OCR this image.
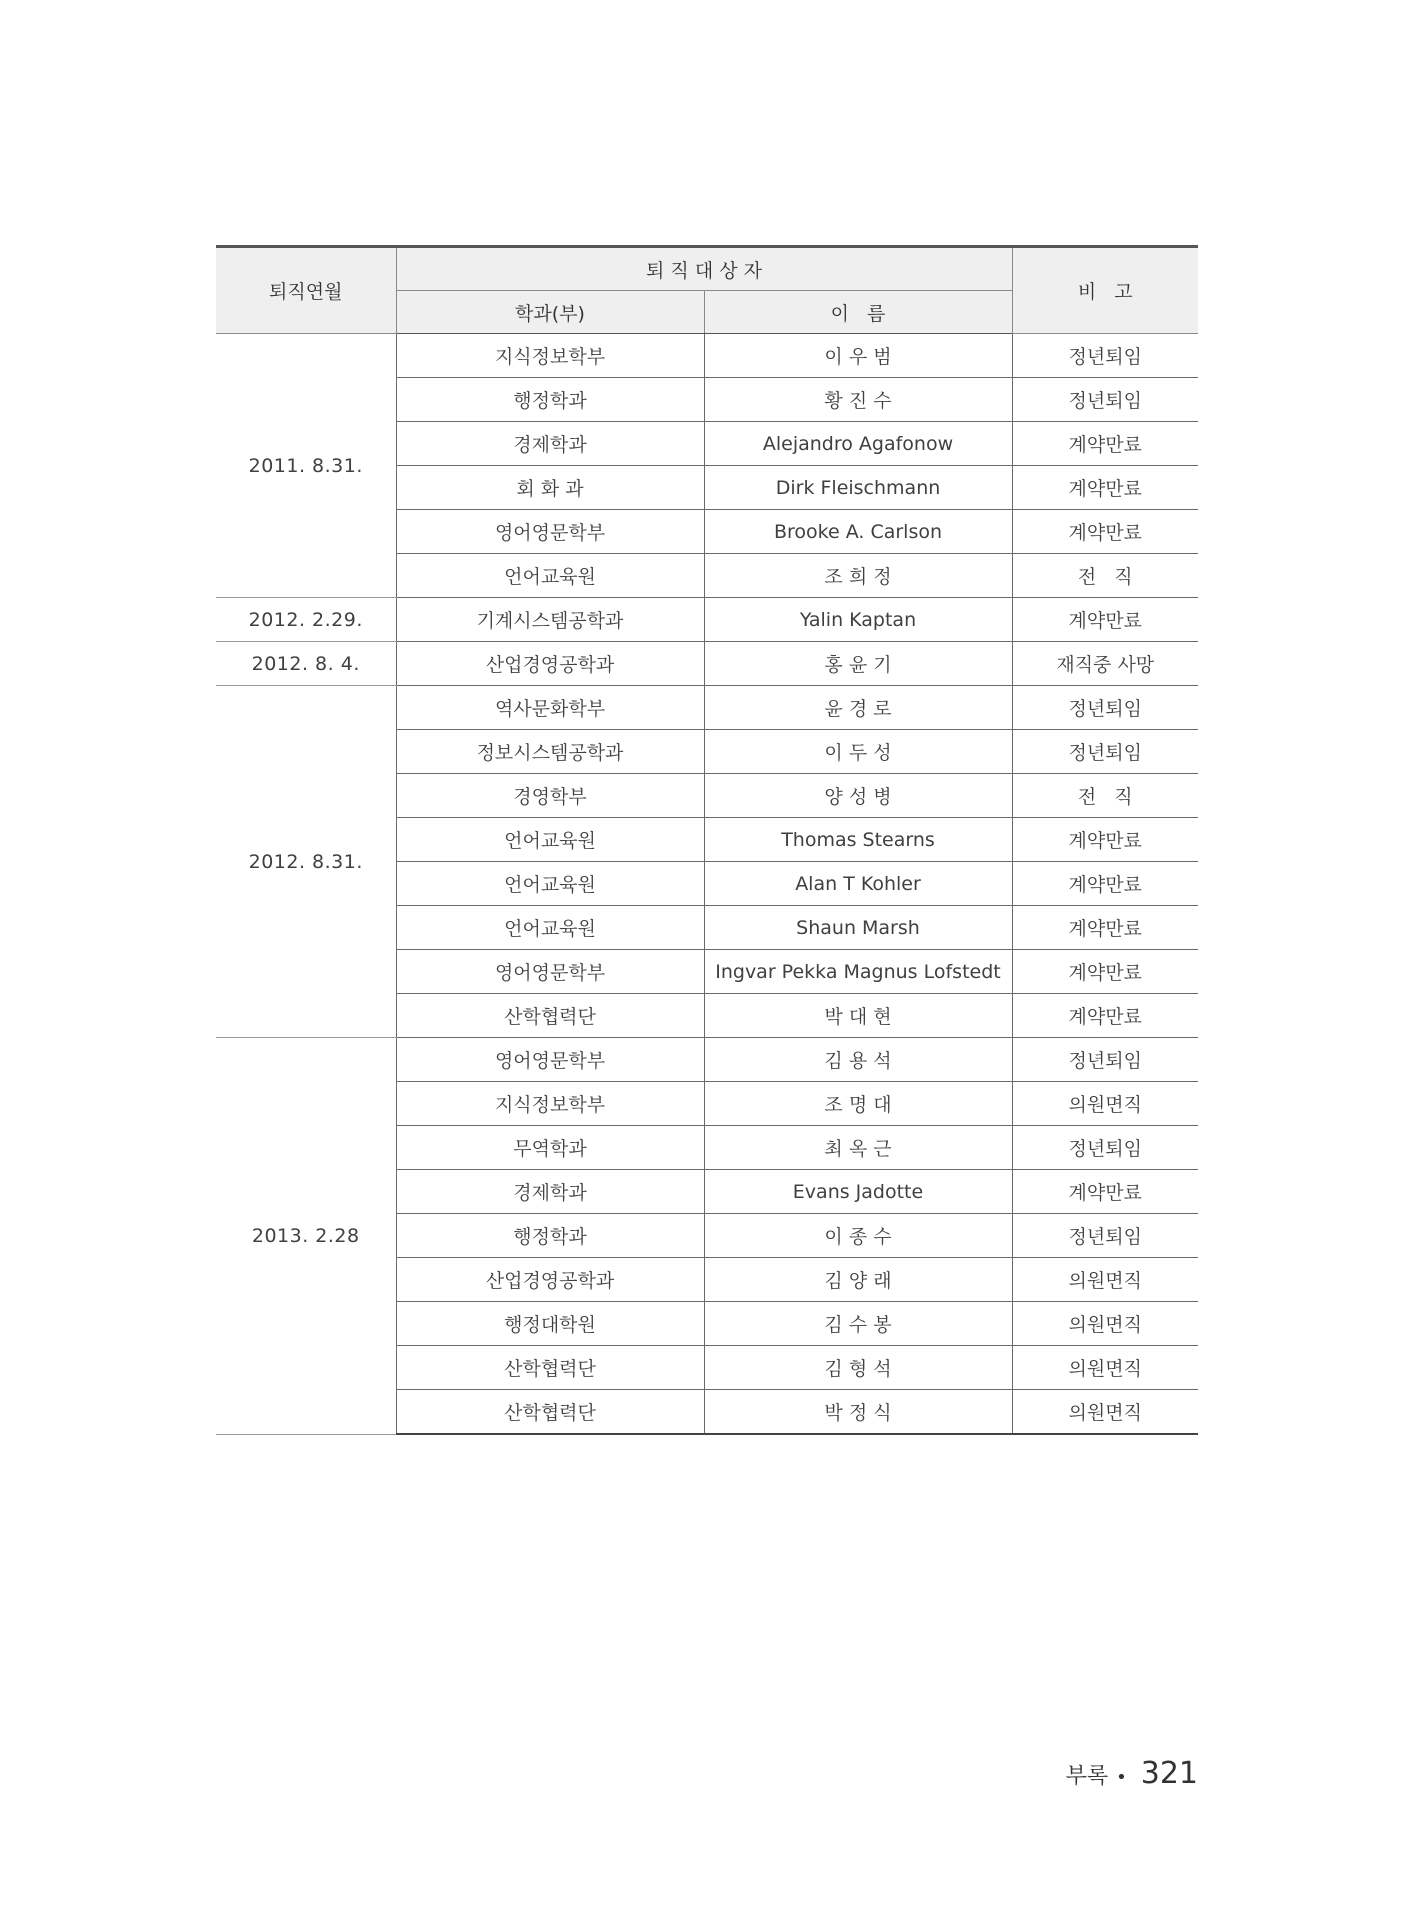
퇴직연월	퇴 직 대 상 자		비   고
	학과(부)	이   름	
2011. 8.31.	지식정보학부	이 우 범	정년퇴임
	행정학과	황 진 수	정년퇴임
	경제학과	Alejandro Agafonow	계약만료
	회 화 과	Dirk Fleischmann	계약만료
	영어영문학부	Brooke A. Carlson	계약만료
	언어교육원	조 희 정	전   직
2012. 2.29.	기계시스템공학과	Yalin Kaptan	계약만료
2012. 8. 4.	산업경영공학과	홍 윤 기	재직중 사망
2012. 8.31.	역사문화학부	윤 경 로	정년퇴임
	정보시스템공학과	이 두 성	정년퇴임
	경영학부	양 성 병	전   직
	언어교육원	Thomas Stearns	계약만료
	언어교육원	Alan T Kohler	계약만료
	언어교육원	Shaun Marsh	계약만료
	영어영문학부	Ingvar Pekka Magnus Lofstedt	계약만료
	산학협력단	박 대 현	계약만료
2013. 2.28	영어영문학부	김 용 석	정년퇴임
	지식정보학부	조 명 대	의원면직
	무역학과	최 옥 근	정년퇴임
	경제학과	Evans Jadotte	계약만료
	행정학과	이 종 수	정년퇴임
	산업경영공학과	김 양 래	의원면직
	행정대학원	김 수 봉	의원면직
	산학협력단	김 형 석	의원면직
	산학협력단	박 정 식	의원면직
부록 • 321
